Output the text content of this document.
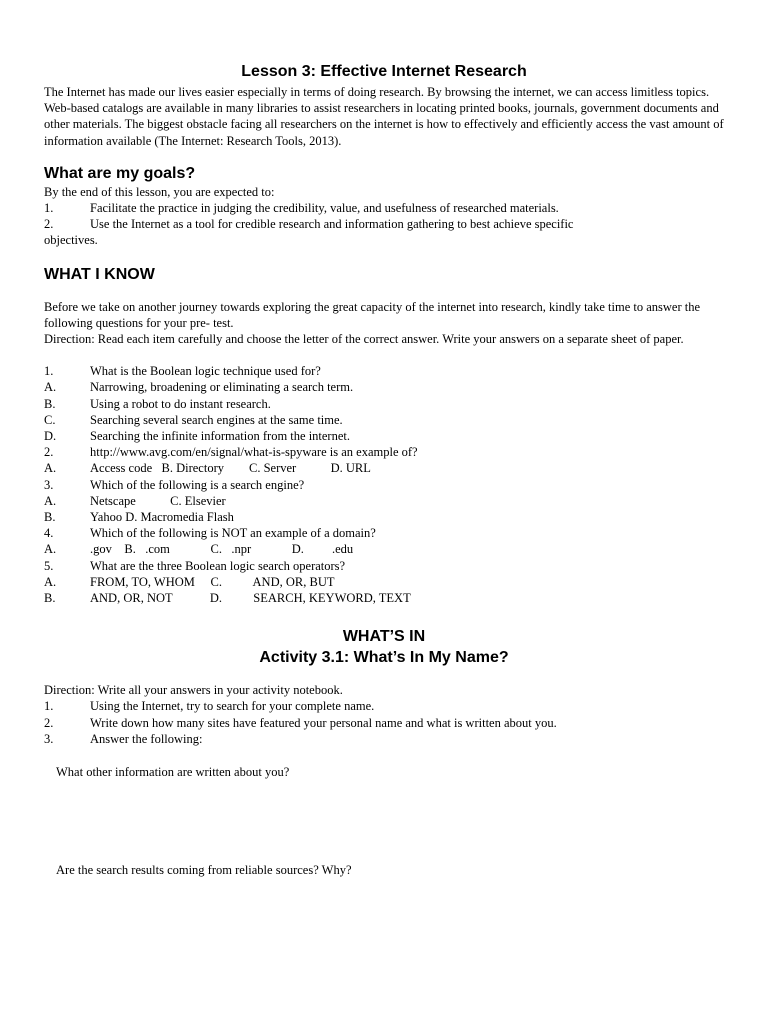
Lesson 3: Effective Internet Research

The Internet has made our lives easier especially in terms of doing research. By browsing the internet, we can access limitless topics. Web-based catalogs are available in many libraries to assist researchers in locating printed books, journals, government documents and other materials. The biggest obstacle facing all researchers on the internet is how to effectively and efficiently access the vast amount of information available (The Internet: Research Tools, 2013).

What are my goals?

By the end of this lesson, you are expected to:

1.	Facilitate the practice in judging the credibility, value, and usefulness of researched materials.
2.	Use the Internet as a tool for credible research and information gathering to best achieve specific

objectives.

WHAT I KNOW

Before we take on another journey towards exploring the great capacity of the internet into research, kindly take time to answer the following questions for your pre- test.

Direction: Read each item carefully and choose the letter of the correct answer. Write your answers on a separate sheet of paper.

1.	What is the Boolean logic technique used for?
A.	Narrowing, broadening or eliminating a search term.
B.	Using a robot to do instant research.
C.	Searching several search engines at the same time.
D.	Searching the infinite information from the internet.
2.	http://www.avg.com/en/signal/what-is-spyware is an example of?
A.	Access code   B. Directory        C. Server           D. URL
3.	Which of the following is a search engine?
A.	Netscape           C. Elsevier
B.	Yahoo D. Macromedia Flash
4.	Which of the following is NOT an example of a domain?
A.	.gov    B.   .com             C.   .npr             D.         .edu
5.	What are the three Boolean logic search operators?
A.	FROM, TO, WHOM     C.          AND, OR, BUT
B.	AND, OR, NOT            D.          SEARCH, KEYWORD, TEXT
WHAT’S IN
Activity 3.1: What’s In My Name?

Direction: Write all your answers in your activity notebook.

1.	Using the Internet, try to search for your complete name.
2.	Write down how many sites have featured your personal name and what is written about you.
3.	Answer the following:

What other information are written about you?

Are the search results coming from reliable sources? Why?
